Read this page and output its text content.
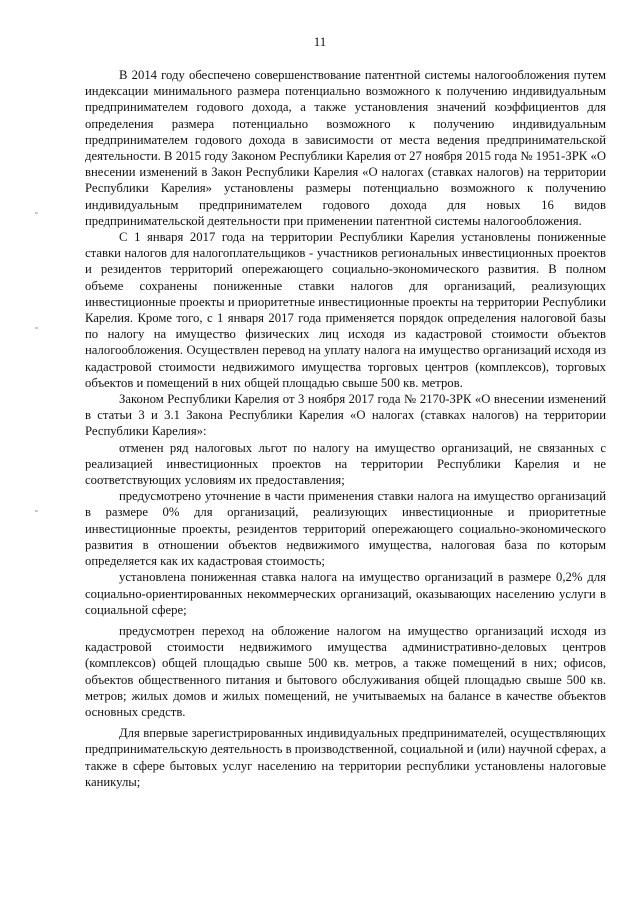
11

В 2014 году обеспечено совершенствование патентной системы налогообложения путем индексации минимального размера потенциально возможного к получению индивидуальным предпринимателем годового дохода, а также установления значений коэффициентов для определения размера потенциально возможного к получению индивидуальным предпринимателем годового дохода в зависимости от места ведения предпринимательской деятельности. В 2015 году Законом Республики Карелия от 27 ноября 2015 года № 1951-ЗРК «О внесении изменений в Закон Республики Карелия «О налогах (ставках налогов) на территории Республики Карелия» установлены размеры потенциально возможного к получению индивидуальным предпринимателем годового дохода для новых 16 видов предпринимательской деятельности при применении патентной системы налогообложения.

С 1 января 2017 года на территории Республики Карелия установлены пониженные ставки налогов для налогоплательщиков - участников региональных инвестиционных проектов и резидентов территорий опережающего социально-экономического развития. В полном объеме сохранены пониженные ставки налогов для организаций, реализующих инвестиционные проекты и приоритетные инвестиционные проекты на территории Республики Карелия. Кроме того, с 1 января 2017 года применяется порядок определения налоговой базы по налогу на имущество физических лиц исходя из кадастровой стоимости объектов налогообложения. Осуществлен перевод на уплату налога на имущество организаций исходя из кадастровой стоимости недвижимого имущества торговых центров (комплексов), торговых объектов и помещений в них общей площадью свыше 500 кв. метров.

Законом Республики Карелия от 3 ноября 2017 года № 2170-ЗРК «О внесении изменений в статьи 3 и 3.1 Закона Республики Карелия «О налогах (ставках налогов) на территории Республики Карелия»:

отменен ряд налоговых льгот по налогу на имущество организаций, не связанных с реализацией инвестиционных проектов на территории Республики Карелия и не соответствующих условиям их предоставления;

предусмотрено уточнение в части применения ставки налога на имущество организаций в размере 0% для организаций, реализующих инвестиционные и приоритетные инвестиционные проекты, резидентов территорий опережающего социально-экономического развития в отношении объектов недвижимого имущества, налоговая база по которым определяется как их кадастровая стоимость;

установлена пониженная ставка налога на имущество организаций в размере 0,2% для социально-ориентированных некоммерческих организаций, оказывающих населению услуги в социальной сфере;

предусмотрен переход на обложение налогом на имущество организаций исходя из кадастровой стоимости недвижимого имущества административно-деловых центров (комплексов) общей площадью свыше 500 кв. метров, а также помещений в них; офисов, объектов общественного питания и бытового обслуживания общей площадью свыше 500 кв. метров; жилых домов и жилых помещений, не учитываемых на балансе в качестве объектов основных средств.

Для впервые зарегистрированных индивидуальных предпринимателей, осуществляющих предпринимательскую деятельность в производственной, социальной и (или) научной сферах, а также в сфере бытовых услуг населению на территории республики установлены налоговые каникулы;
